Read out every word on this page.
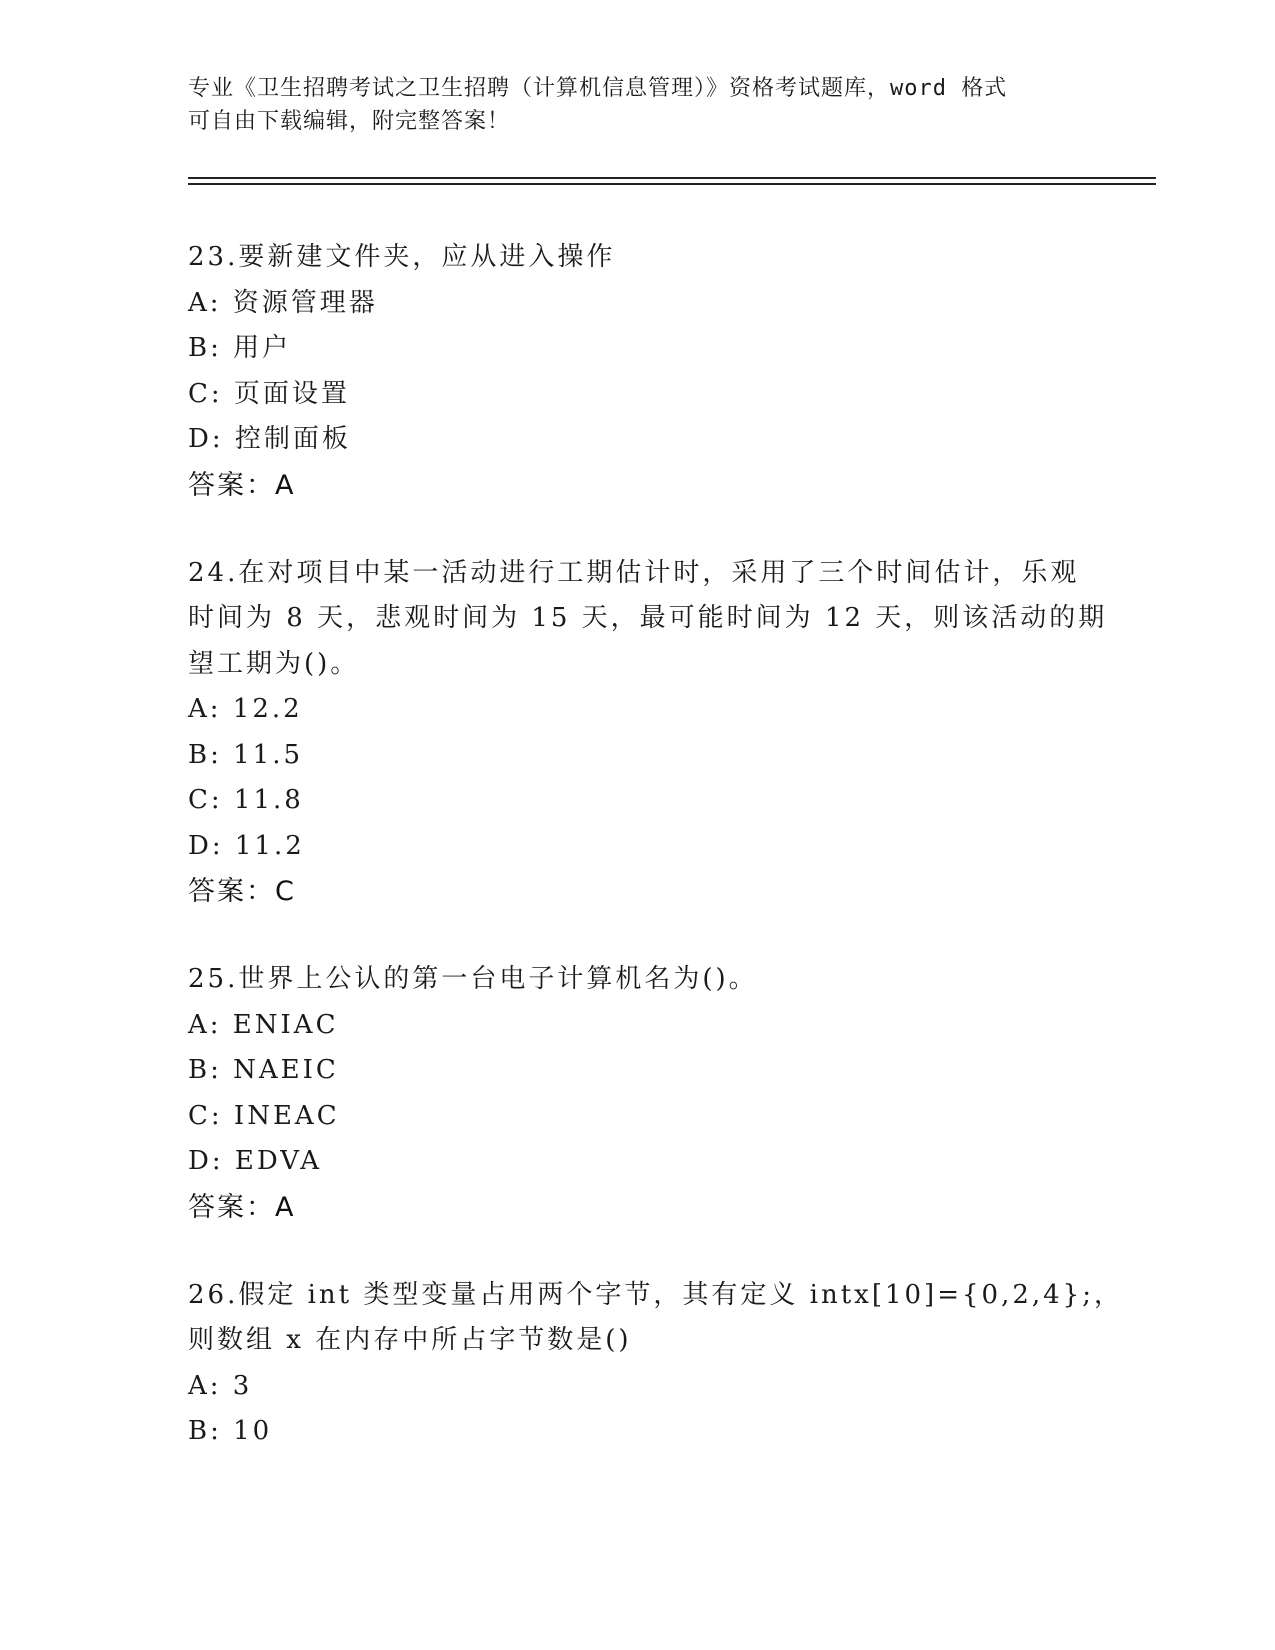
专业《卫生招聘考试之卫生招聘（计算机信息管理）》资格考试题库，word 格式
可自由下载编辑，附完整答案！
23.要新建文件夹，应从进入操作
A: 资源管理器
B: 用户
C: 页面设置
D: 控制面板
答案：A
24.在对项目中某一活动进行工期估计时，采用了三个时间估计，乐观
时间为 8 天，悲观时间为 15 天，最可能时间为 12 天，则该活动的期
望工期为()。
A: 12.2
B: 11.5
C: 11.8
D: 11.2
答案：C
25.世界上公认的第一台电子计算机名为()。
A: ENIAC
B: NAEIC
C: INEAC
D: EDVA
答案：A
26.假定 int 类型变量占用两个字节，其有定义 intx[10]={0,2,4};，
则数组 x 在内存中所占字节数是()
A: 3
B: 10
